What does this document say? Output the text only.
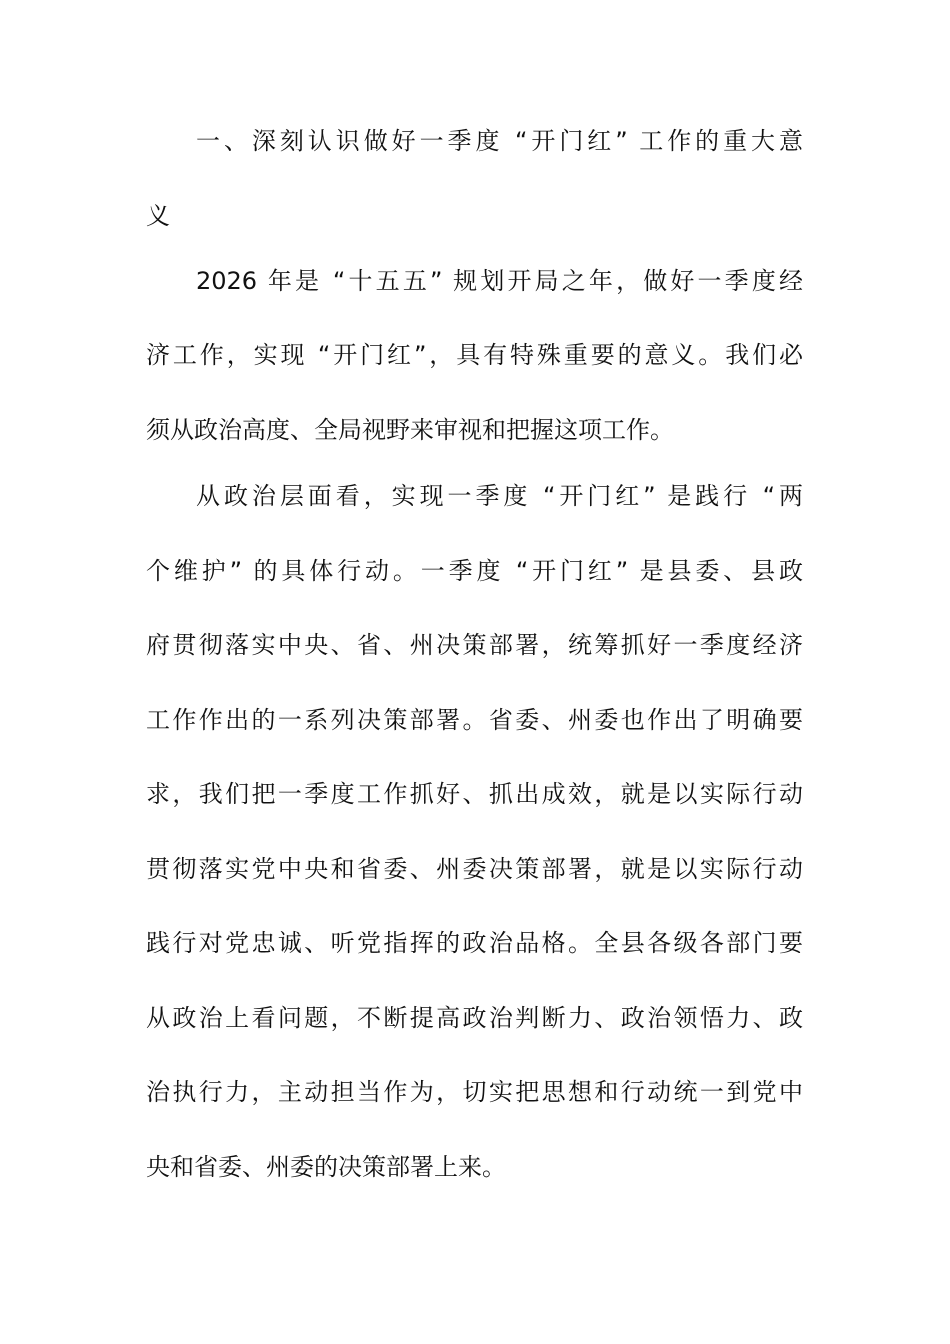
一、深刻认识做好一季度 “开门红” 工作的重大意

义

2026 年是 “十五五” 规划开局之年，做好一季度经

济工作，实现 “开门红”，具有特殊重要的意义。我们必

须从政治高度、全局视野来审视和把握这项工作。

从政治层面看，实现一季度 “开门红” 是践行 “两

个维护” 的具体行动。一季度 “开门红” 是县委、县政

府贯彻落实中央、省、州决策部署，统筹抓好一季度经济

工作作出的一系列决策部署。省委、州委也作出了明确要

求，我们把一季度工作抓好、抓出成效，就是以实际行动

贯彻落实党中央和省委、州委决策部署，就是以实际行动

践行对党忠诚、听党指挥的政治品格。全县各级各部门要

从政治上看问题，不断提高政治判断力、政治领悟力、政

治执行力，主动担当作为，切实把思想和行动统一到党中

央和省委、州委的决策部署上来。
